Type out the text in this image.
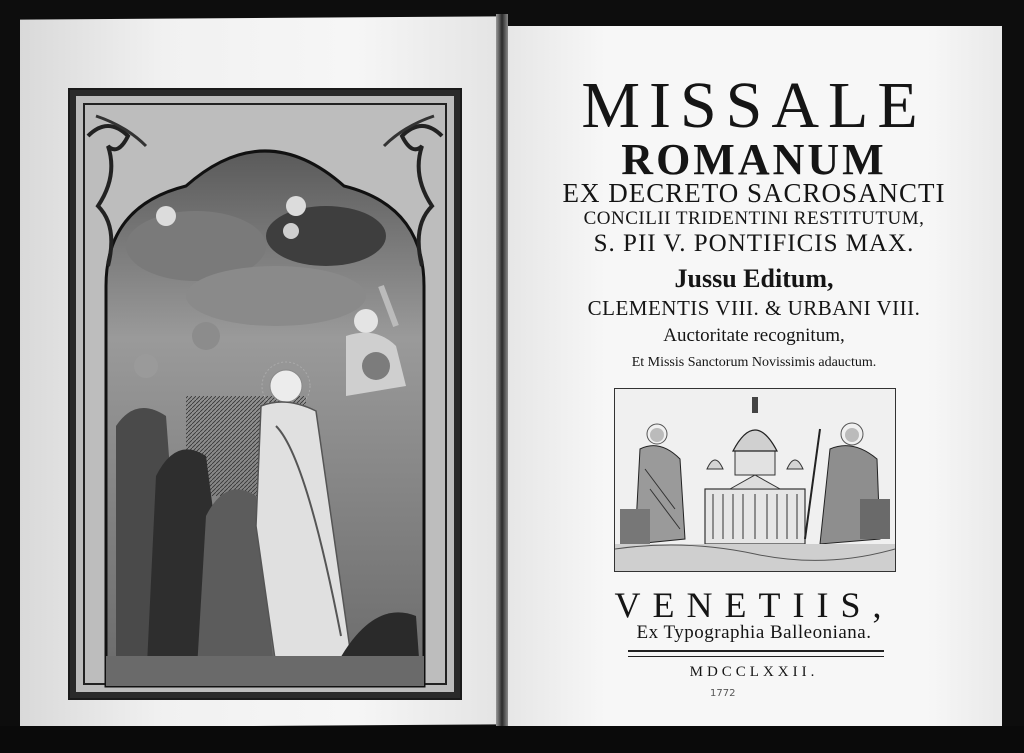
MISSALE
ROMANUM
EX DECRETO SACROSANCTI
CONCILII TRIDENTINI RESTITUTUM,
S. PII V. PONTIFICIS MAX.
Jussu Editum,
CLEMENTIS VIII. & URBANI VIII.
Auctoritate recognitum,
Et Missis Sanctorum Novissimis adauctum.
VENETIIS,
Ex Typographia Balleoniana.
MDCCLXXII.
1772
